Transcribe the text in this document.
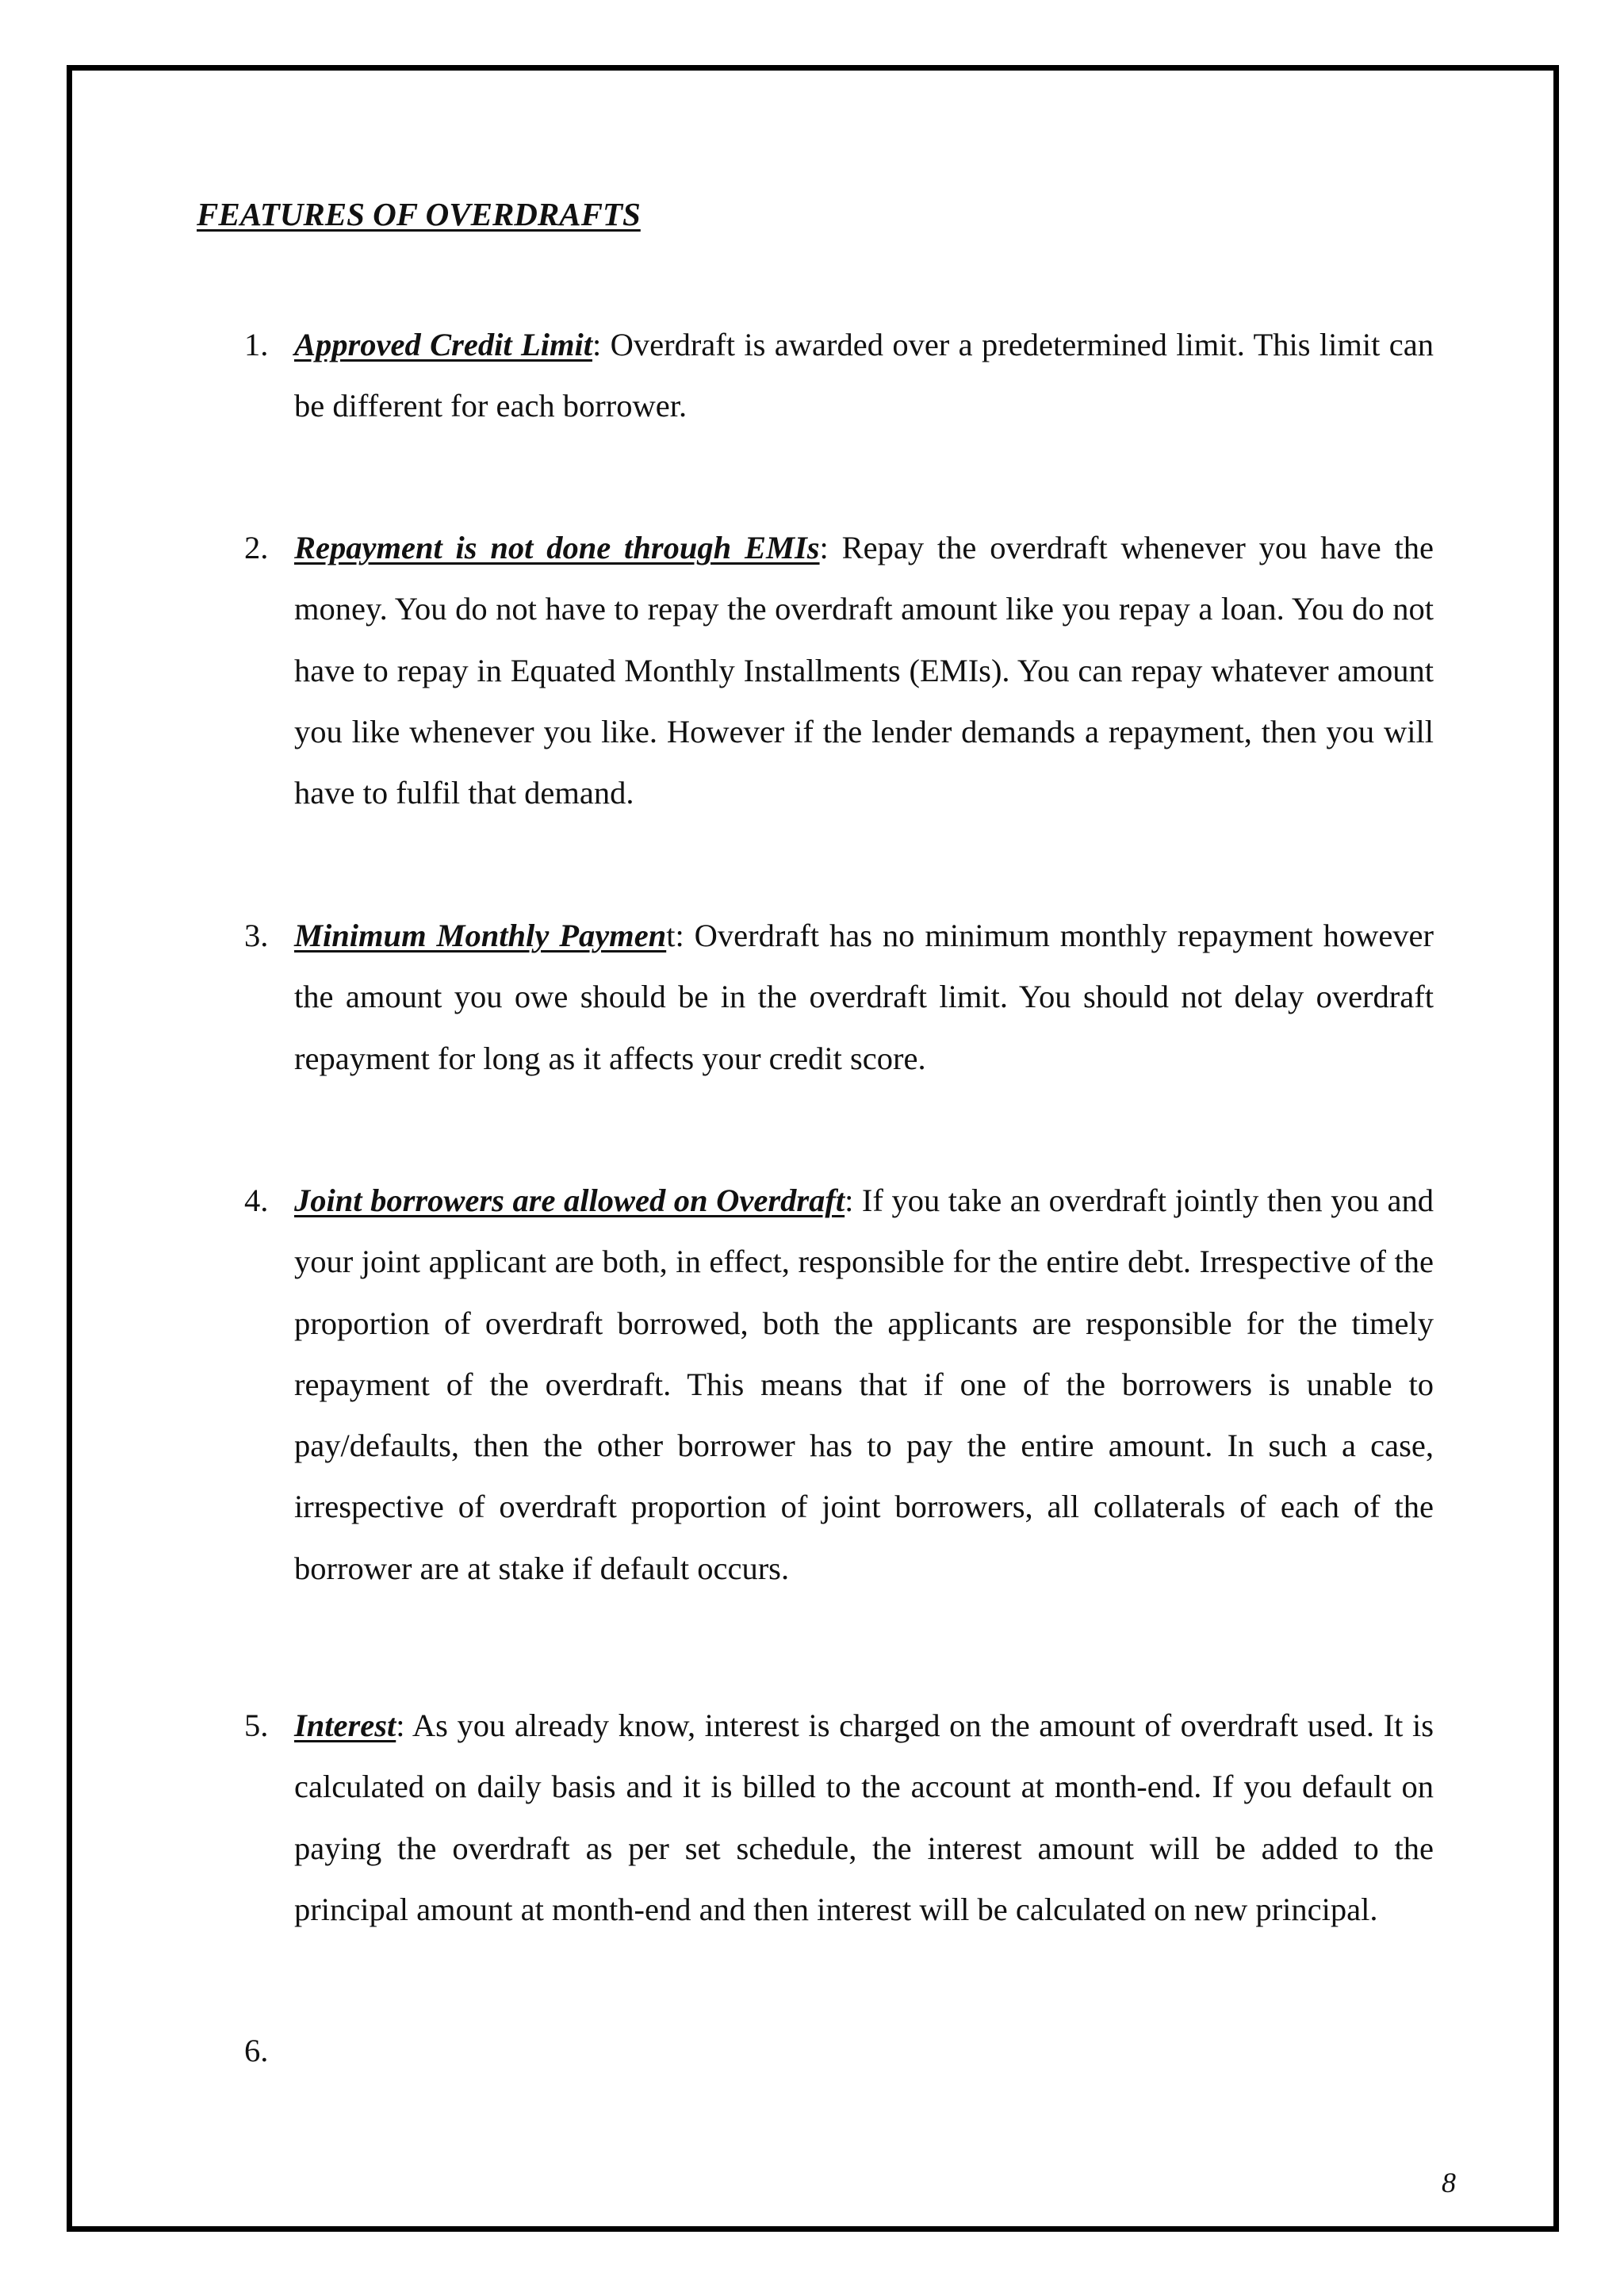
FEATURES OF OVERDRAFTS
1. Approved Credit Limit: Overdraft is awarded over a predetermined limit. This limit can be different for each borrower.
2. Repayment is not done through EMIs: Repay the overdraft whenever you have the money. You do not have to repay the overdraft amount like you repay a loan. You do not have to repay in Equated Monthly Installments (EMIs). You can repay whatever amount you like whenever you like. However if the lender demands a repayment, then you will have to fulfil that demand.
3. Minimum Monthly Payment: Overdraft has no minimum monthly repayment however the amount you owe should be in the overdraft limit. You should not delay overdraft repayment for long as it affects your credit score.
4. Joint borrowers are allowed on Overdraft: If you take an overdraft jointly then you and your joint applicant are both, in effect, responsible for the entire debt. Irrespective of the proportion of overdraft borrowed, both the applicants are responsible for the timely repayment of the overdraft. This means that if one of the borrowers is unable to pay/defaults, then the other borrower has to pay the entire amount. In such a case, irrespective of overdraft proportion of joint borrowers, all collaterals of each of the borrower are at stake if default occurs.
5. Interest: As you already know, interest is charged on the amount of overdraft used. It is calculated on daily basis and it is billed to the account at month-end. If you default on paying the overdraft as per set schedule, the interest amount will be added to the principal amount at month-end and then interest will be calculated on new principal.
6.
8
